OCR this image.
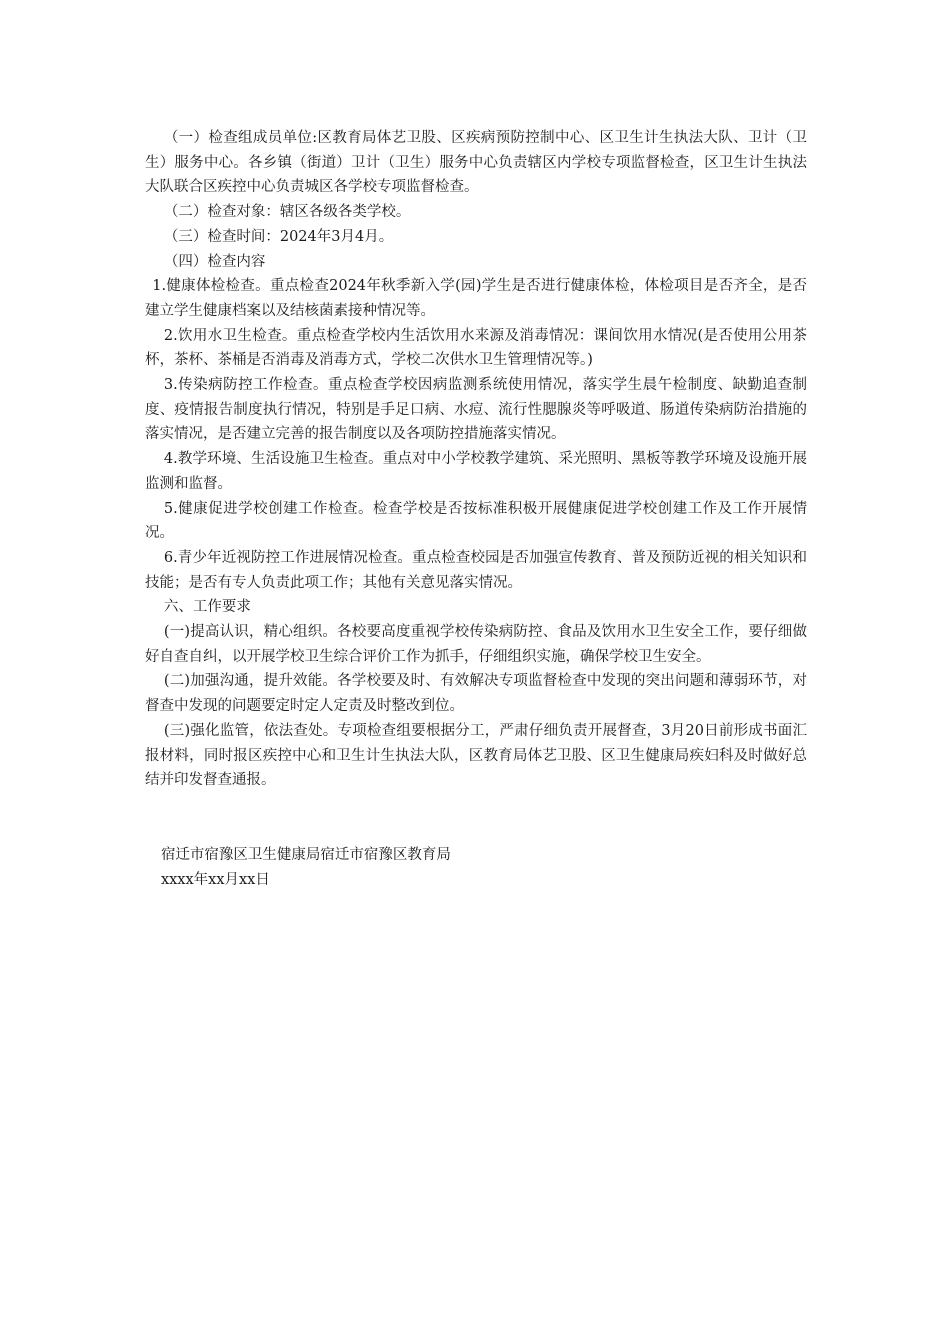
（一）检查组成员单位:区教育局体艺卫股、区疾病预防控制中心、区卫生计生执法大队、卫计（卫生）服务中心。各乡镇（街道）卫计（卫生）服务中心负责辖区内学校专项监督检查，区卫生计生执法大队联合区疾控中心负责城区各学校专项监督检查。

（二）检查对象：辖区各级各类学校。

（三）检查时间：2024年3月4月。

（四）检查内容

1.健康体检检查。重点检查2024年秋季新入学(园)学生是否进行健康体检，体检项目是否齐全，是否建立学生健康档案以及结核菌素接种情况等。

2.饮用水卫生检查。重点检查学校内生活饮用水来源及消毒情况：课间饮用水情况(是否使用公用茶杯，茶杯、茶桶是否消毒及消毒方式，学校二次供水卫生管理情况等。)

3.传染病防控工作检查。重点检查学校因病监测系统使用情况，落实学生晨午检制度、缺勤追查制度、疫情报告制度执行情况，特别是手足口病、水痘、流行性腮腺炎等呼吸道、肠道传染病防治措施的落实情况，是否建立完善的报告制度以及各项防控措施落实情况。

4.教学环境、生活设施卫生检查。重点对中小学校教学建筑、采光照明、黑板等教学环境及设施开展监测和监督。

5.健康促进学校创建工作检查。检查学校是否按标准积极开展健康促进学校创建工作及工作开展情况。

6.青少年近视防控工作进展情况检查。重点检查校园是否加强宣传教育、普及预防近视的相关知识和技能；是否有专人负责此项工作；其他有关意见落实情况。

六、工作要求

(一)提高认识，精心组织。各校要高度重视学校传染病防控、食品及饮用水卫生安全工作，要仔细做好自查自纠，以开展学校卫生综合评价工作为抓手，仔细组织实施，确保学校卫生安全。

(二)加强沟通，提升效能。各学校要及时、有效解决专项监督检查中发现的突出问题和薄弱环节，对督查中发现的问题要定时定人定责及时整改到位。

(三)强化监管，依法查处。专项检查组要根据分工，严肃仔细负责开展督查，3月20日前形成书面汇报材料，同时报区疾控中心和卫生计生执法大队，区教育局体艺卫股、区卫生健康局疾妇科及时做好总结并印发督查通报。

宿迁市宿豫区卫生健康局宿迁市宿豫区教育局

xxxx年xx月xx日
